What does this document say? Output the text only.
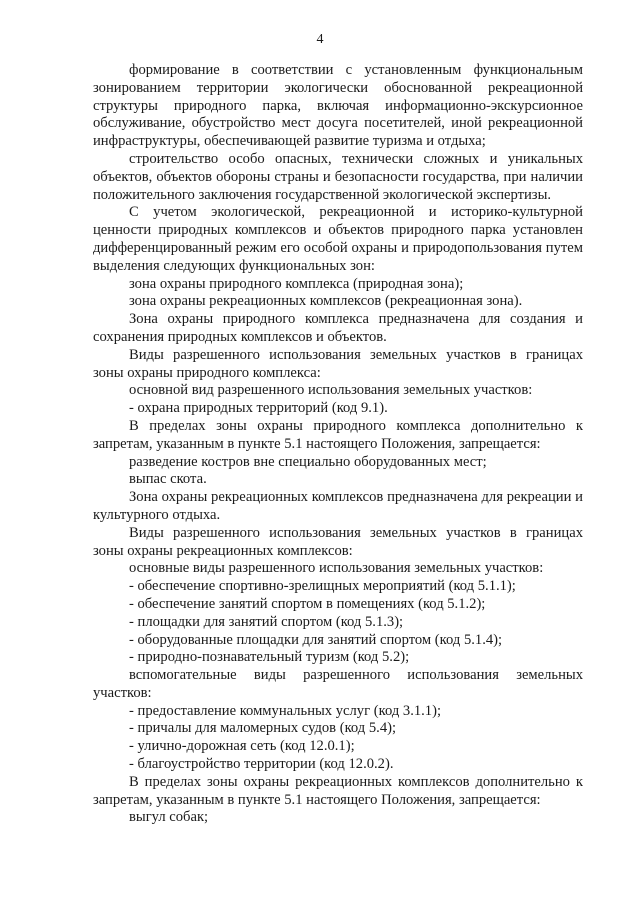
4

формирование в соответствии с установленным функциональным зонированием территории экологически обоснованной рекреационной структуры природного парка, включая информационно-экскурсионное обслуживание, обустройство мест досуга посетителей, иной рекреационной инфраструктуры, обеспечивающей развитие туризма и отдыха;

строительство особо опасных, технически сложных и уникальных объектов, объектов обороны страны и безопасности государства, при наличии положительного заключения государственной экологической экспертизы.

С учетом экологической, рекреационной и историко-культурной ценности природных комплексов и объектов природного парка установлен дифференцированный режим его особой охраны и природопользования путем выделения следующих функциональных зон:

зона охраны природного комплекса (природная зона);

зона охраны рекреационных комплексов (рекреационная зона).

Зона охраны природного комплекса предназначена для создания и сохранения природных комплексов и объектов.

Виды разрешенного использования земельных участков в границах зоны охраны природного комплекса:

основной вид разрешенного использования земельных участков:

- охрана природных территорий (код 9.1).

В пределах зоны охраны природного комплекса дополнительно к запретам, указанным в пункте 5.1 настоящего Положения, запрещается:

разведение костров вне специально оборудованных мест;

выпас скота.

Зона охраны рекреационных комплексов предназначена для рекреации и культурного отдыха.

Виды разрешенного использования земельных участков в границах зоны охраны рекреационных комплексов:

основные виды разрешенного использования земельных участков:

- обеспечение спортивно-зрелищных мероприятий (код 5.1.1);

- обеспечение занятий спортом в помещениях (код 5.1.2);

- площадки для занятий спортом (код 5.1.3);

- оборудованные площадки для занятий спортом (код 5.1.4);

- природно-познавательный туризм (код 5.2);

вспомогательные виды разрешенного использования земельных участков:

- предоставление коммунальных услуг (код 3.1.1);

- причалы для маломерных судов (код 5.4);

- улично-дорожная сеть (код 12.0.1);

- благоустройство территории (код 12.0.2).

В пределах зоны охраны рекреационных комплексов дополнительно к запретам, указанным в пункте 5.1 настоящего Положения, запрещается:

выгул собак;
